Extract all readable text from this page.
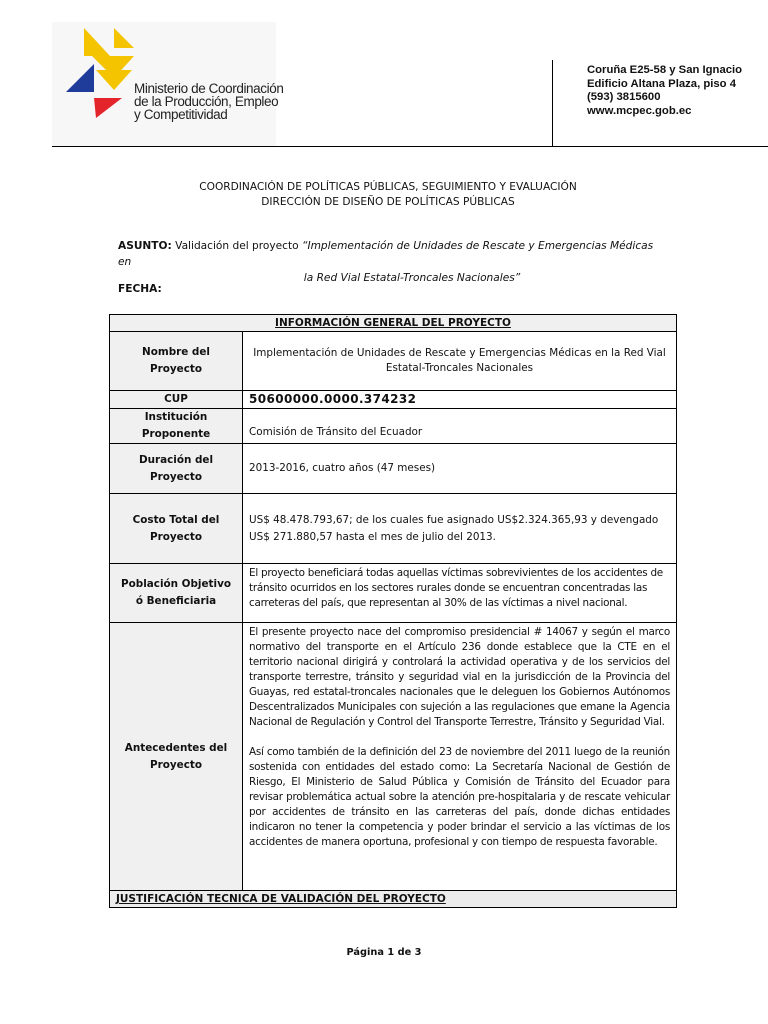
Ministerio de Coordinación
de la Producción, Empleo
y Competitividad
Coruña E25-58 y San Ignacio
Edificio Altana Plaza, piso 4
(593) 3815600
www.mcpec.gob.ec
COORDINACIÓN DE POLÍTICAS PÚBLICAS, SEGUIMIENTO Y EVALUACIÓN
DIRECCIÓN DE DISEÑO DE POLÍTICAS PÚBLICAS
ASUNTO: Validación del proyecto “Implementación de Unidades de Rescate y Emergencias Médicas en
la Red Vial Estatal-Troncales Nacionales”
FECHA:
INFORMACIÓN GENERAL DEL PROYECTO	
Nombre del Proyecto	Implementación de Unidades de Rescate y Emergencias Médicas en la Red Vial Estatal-Troncales Nacionales
CUP	50600000.0000.374232
Institución Proponente	Comisión de Tránsito del Ecuador
Duración del Proyecto	2013-2016, cuatro años (47 meses)
Costo Total del Proyecto	US$ 48.478.793,67; de los cuales fue asignado US$2.324.365,93 y devengado US$ 271.880,57 hasta el mes de julio del 2013.
Población Objetivo ó Beneficiaria	El proyecto beneficiará todas aquellas víctimas sobrevivientes de los accidentes de tránsito ocurridos en los sectores rurales donde se encuentran concentradas las carreteras del país, que representan al 30% de las víctimas a nivel nacional.
Antecedentes del Proyecto	El presente proyecto nace del compromiso presidencial # 14067 y según el marco normativo del transporte en el Artículo 236 donde establece que la CTE en el territorio nacional dirigirá y controlará la actividad operativa y de los servicios del transporte terrestre, tránsito y seguridad vial en la jurisdicción de la Provincia del Guayas, red estatal-troncales nacionales que le deleguen los Gobiernos Autónomos Descentralizados Municipales con sujeción a las regulaciones que emane la Agencia Nacional de Regulación y Control del Transporte Terrestre, Tránsito y Seguridad Vial.
Así como también de la definición del 23 de noviembre del 2011 luego de la reunión sostenida con entidades del estado como: La Secretaría Nacional de Gestión de Riesgo, El Ministerio de Salud Pública y Comisión de Tránsito del Ecuador para revisar problemática actual sobre la atención pre-hospitalaria y de rescate vehicular por accidentes de tránsito en las carreteras del país, donde dichas entidades indicaron no tener la competencia y poder brindar el servicio a las víctimas de los accidentes de manera oportuna, profesional y con tiempo de respuesta favorable.

JUSTIFICACIÓN TECNICA DE VALIDACIÓN DEL PROYECTO	
Página 1 de 3
